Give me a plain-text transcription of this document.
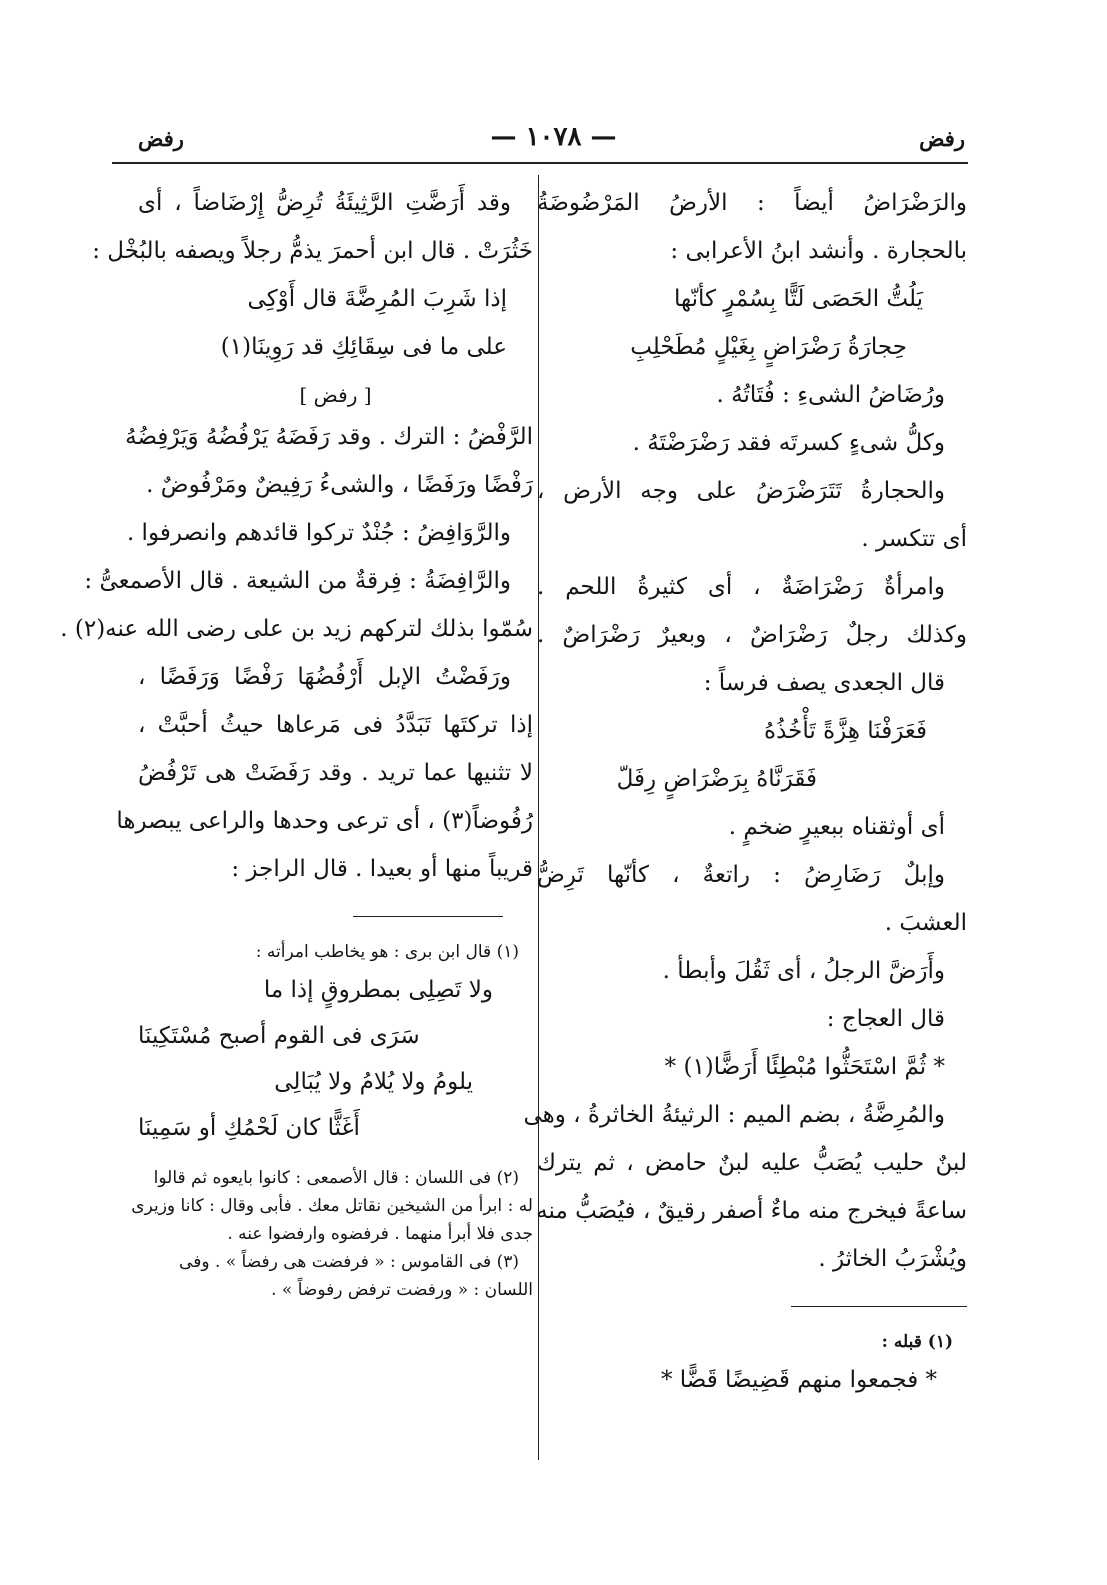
رفض
— ١٠٧٨ —
رفض
والرَضْرَاضُ أيضاً : الأرضُ المَرْضُوضَةُ
بالحجارة . وأنشد ابنُ الأعرابى :
يَلُتُّ الحَصَى لَتًّا بِسُمْرٍ كأنّها
حِجارَةُ رَضْرَاضٍ بِغَيْلٍ مُطَحْلِبِ
ورُضَاضُ الشىءِ : فُتَاتُهُ .
وكلُّ شىءٍ كسرتَه فقد رَضْرَضْتَهُ .
والحجارةُ تَتَرَضْرَضُ على وجه الأرض ،
أى تتكسر .
وامرأةٌ رَضْرَاضَةٌ ، أى كثيرةُ اللحم .
وكذلك رجلٌ رَضْرَاضٌ ، وبعيرٌ رَضْرَاضٌ .
قال الجعدى يصف فرساً :
فَعَرَفْنَا هِزَّةً تَأْخُذُهُ
فَقَرَنَّاهُ بِرَضْرَاضٍ رِفَلّ
أى أوثقناه ببعيرٍ ضخمٍ .
وإبلٌ رَضَارِضُ : راتعةٌ ، كأنّها تَرِضُّ
العشبَ .
وأَرَضَّ الرجلُ ، أى ثَقُلَ وأبطأ .
قال العجاج :
* ثُمَّ اسْتَحَثُّوا مُبْطِئًا أَرَضًّا(١) *
والمُرِضَّةُ ، بضم الميم : الرثيئةُ الخاثرةُ ، وهى
لبنٌ حليب يُصَبُّ عليه لبنٌ حامض ، ثم يترك
ساعةً فيخرج منه ماءٌ أصفر رقيقٌ ، فيُصَبُّ منه
ويُشْرَبُ الخاثرُ .
(١) قبله :
* فجمعوا منهم قَضِيضًا قَضًّا *
وقد أَرَضَّتِ الرَّثِيئَةُ تُرِضُّ إِرْضَاضاً ، أى
خَثُرَتْ . قال ابن أحمرَ يذمُّ رجلاً ويصفه بالبُخْل :
إذا شَرِبَ المُرِضَّةَ قال أَوْكِى
على ما فى سِقَائِكِ قد رَوِينَا(١)
[ رفض ]
الرَّفْضُ : الترك . وقد رَفَضَهُ يَرْفُضُهُ وَيَرْفِضُهُ
رَفْضًا ورَفَضًا ، والشىءُ رَفِيضٌ ومَرْفُوضٌ .
والرَّوَافِضُ : جُنْدٌ تركوا قائدهم وانصرفوا .
والرَّافِضَةُ : فِرقةٌ من الشيعة . قال الأصمعىُّ :
سُمّوا بذلك لتركهم زيد بن على رضى الله عنه(٢) .
ورَفَضْتُ الإبل أَرْفُضُهَا رَفْضًا وَرَفَضًا ،
إذا تركتَها تَبَدَّدُ فى مَرعاها حيثُ أحبَّتْ ،
لا تثنيها عما تريد . وقد رَفَضَتْ هى تَرْفُضُ
رُفُوضاً(٣) ، أى ترعى وحدها والراعى يبصرها
قريباً منها أو بعيدا . قال الراجز :
(١) قال ابن برى : هو يخاطب امرأته :
ولا تَصِلِى بمطروقٍ إذا ما
سَرَى فى القوم أصبح مُسْتَكِينَا
يلومُ ولا يُلامُ ولا يُبَالِى
أَغَثًّا كان لَحْمُكِ أو سَمِينَا
(٢) فى اللسان : قال الأصمعى : كانوا بايعوه ثم قالوا
له : ابرأ من الشيخين نقاتل معك . فأبى وقال : كانا وزيرى
جدى فلا أبرأ منهما . فرفضوه وارفضوا عنه .
(٣) فى القاموس : « فرفضت هى رفضاً » . وفى
اللسان : « ورفضت ترفض رفوضاً » .
